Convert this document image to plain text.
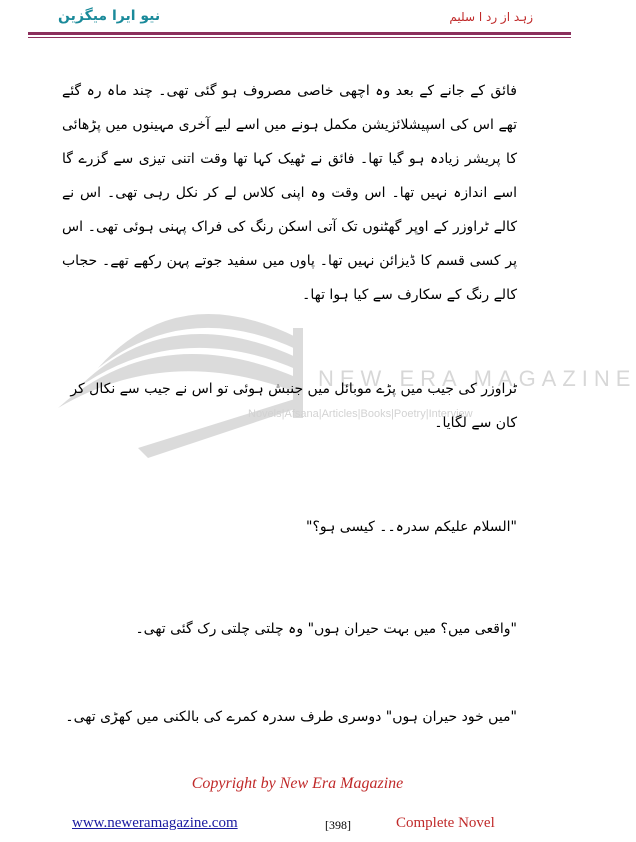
نیو ایرا میگزین	زہد از رد ا سلیم
NEW ERA MAGAZINE
Novels|Afsana|Articles|Books|Poetry|Interview
فائق کے جانے کے بعد وہ اچھی خاصی مصروف ہو گئی تھی۔ چند ماہ رہ گئے تھے اس کی اسپیشلائزیشن مکمل ہونے میں اسے لیے آخری مہینوں میں پڑھائی کا پریشر زیادہ ہو گیا تھا۔ فائق نے ٹھیک کہا تھا وقت اتنی تیزی سے گزرے گا اسے اندازہ نہیں تھا۔ اس وقت وہ اپنی کلاس لے کر نکل رہی تھی۔ اس نے کالے ٹراوزر کے اوپر گھٹنوں تک آتی اسکن رنگ کی فراک پہنی ہوئی تھی۔ اس پر کسی قسم کا ڈیزائن نہیں تھا۔ پاوں میں سفید جوتے پہن رکھے تھے۔ حجاب کالے رنگ کے سکارف سے کیا ہوا تھا۔
ٹراوزر کی جیب میں پڑے موبائل میں جنبش ہوئی تو اس نے جیب سے نکال کر کان سے لگایا۔
"السلام علیکم سدرہ۔۔ کیسی ہو؟"
"واقعی میں؟ میں بہت حیران ہوں" وہ چلتی چلتی رک گئی تھی۔
"میں خود حیران ہوں" دوسری طرف سدرہ کمرے کی بالکنی میں کھڑی تھی۔
Copyright by New Era Magazine
www.neweramagazine.com	[398]	Complete Novel
